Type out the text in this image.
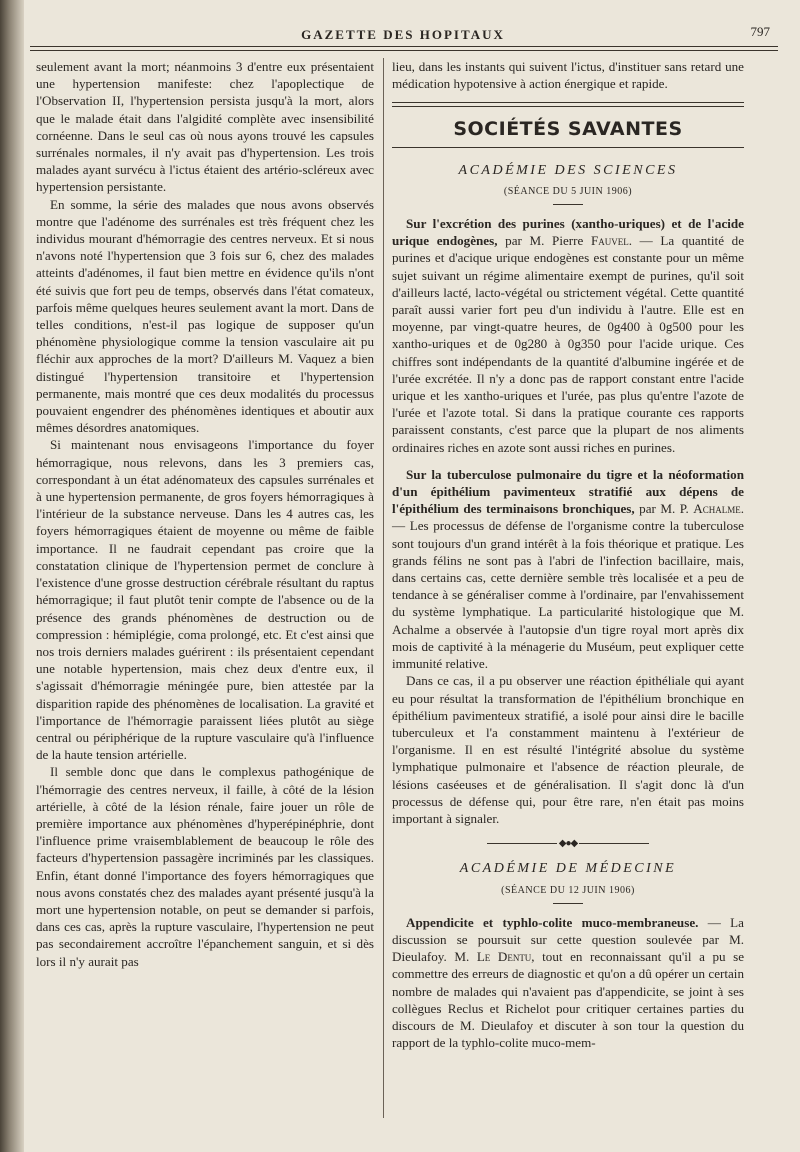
GAZETTE DES HOPITAUX	797

seulement avant la mort; néanmoins 3 d'entre eux présentaient une hypertension manifeste: chez l'apoplectique de l'Observation II, l'hypertension persista jusqu'à la mort, alors que le malade était dans l'algidité complète avec insensibilité cornéenne. Dans le seul cas où nous ayons trouvé les capsules surrénales normales, il n'y avait pas d'hypertension. Les trois malades ayant survécu à l'ictus étaient des artério-scléreux avec hypertension persistante.

En somme, la série des malades que nous avons observés montre que l'adénome des surrénales est très fréquent chez les individus mourant d'hémorragie des centres nerveux. Et si nous n'avons noté l'hypertension que 3 fois sur 6, chez des malades atteints d'adénomes, il faut bien mettre en évidence qu'ils n'ont été suivis que fort peu de temps, observés dans l'état comateux, parfois même quelques heures seulement avant la mort. Dans de telles conditions, n'est-il pas logique de supposer qu'un phénomène physiologique comme la tension vasculaire ait pu fléchir aux approches de la mort? D'ailleurs M. Vaquez a bien distingué l'hypertension transitoire et l'hypertension permanente, mais montré que ces deux modalités du processus pouvaient engendrer des phénomènes identiques et aboutir aux mêmes désordres anatomiques.

Si maintenant nous envisageons l'importance du foyer hémorragique, nous relevons, dans les 3 premiers cas, correspondant à un état adénomateux des capsules surrénales et à une hypertension permanente, de gros foyers hémorragiques à l'intérieur de la substance nerveuse. Dans les 4 autres cas, les foyers hémorragiques étaient de moyenne ou même de faible importance. Il ne faudrait cependant pas croire que la constatation clinique de l'hypertension permet de conclure à l'existence d'une grosse destruction cérébrale résultant du raptus hémorragique; il faut plutôt tenir compte de l'absence ou de la présence des grands phénomènes de destruction ou de compression : hémiplégie, coma prolongé, etc. Et c'est ainsi que nos trois derniers malades guérirent : ils présentaient cependant une notable hypertension, mais chez deux d'entre eux, il s'agissait d'hémorragie méningée pure, bien attestée par la disparition rapide des phénomènes de localisation. La gravité et l'importance de l'hémorragie paraissent liées plutôt au siège central ou périphérique de la rupture vasculaire qu'à l'influence de la haute tension artérielle.

Il semble donc que dans le complexus pathogénique de l'hémorragie des centres nerveux, il faille, à côté de la lésion artérielle, à côté de la lésion rénale, faire jouer un rôle de première importance aux phénomènes d'hyperépinéphrie, dont l'influence prime vraisemblablement de beaucoup le rôle des facteurs d'hypertension passagère incriminés par les classiques. Enfin, étant donné l'importance des foyers hémorragiques que nous avons constatés chez des malades ayant présenté jusqu'à la mort une hypertension notable, on peut se demander si parfois, dans ces cas, après la rupture vasculaire, l'hypertension ne peut pas secondairement accroître l'épanchement sanguin, et si dès lors il n'y aurait pas

lieu, dans les instants qui suivent l'ictus, d'instituer sans retard une médication hypotensive à action énergique et rapide.

SOCIÉTÉS SAVANTES
ACADÉMIE DES SCIENCES
(SÉANCE DU 5 JUIN 1906)

Sur l'excrétion des purines (xantho-uriques) et de l'acide urique endogènes, par M. Pierre Fauvel. — La quantité de purines et d'acique urique endogènes est constante pour un même sujet suivant un régime alimentaire exempt de purines, qu'il soit d'ailleurs lacté, lacto-végétal ou strictement végétal. Cette quantité paraît aussi varier fort peu d'un individu à l'autre. Elle est en moyenne, par vingt-quatre heures, de 0g400 à 0g500 pour les xantho-uriques et de 0g280 à 0g350 pour l'acide urique. Ces chiffres sont indépendants de la quantité d'albumine ingérée et de l'urée excrétée. Il n'y a donc pas de rapport constant entre l'acide urique et les xantho-uriques et l'urée, pas plus qu'entre l'azote de l'urée et l'azote total. Si dans la pratique courante ces rapports paraissent constants, c'est parce que la plupart de nos aliments ordinaires riches en azote sont aussi riches en purines.

Sur la tuberculose pulmonaire du tigre et la néoformation d'un épithélium pavimenteux stratifié aux dépens de l'épithélium des terminaisons bronchiques, par M. P. Achalme. — Les processus de défense de l'organisme contre la tuberculose sont toujours d'un grand intérêt à la fois théorique et pratique. Les grands félins ne sont pas à l'abri de l'infection bacillaire, mais, dans certains cas, cette dernière semble très localisée et a peu de tendance à se généraliser comme à l'ordinaire, par l'envahissement du système lymphatique. La particularité histologique que M. Achalme a observée à l'autopsie d'un tigre royal mort après dix mois de captivité à la ménagerie du Muséum, peut expliquer cette immunité relative.

Dans ce cas, il a pu observer une réaction épithéliale qui ayant eu pour résultat la transformation de l'épithélium bronchique en épithélium pavimenteux stratifié, a isolé pour ainsi dire le bacille tuberculeux et l'a constamment maintenu à l'extérieur de l'organisme. Il en est résulté l'intégrité absolue du système lymphatique pulmonaire et l'absence de réaction pleurale, de lésions caséeuses et de généralisation. Il s'agit donc là d'un processus de défense qui, pour être rare, n'en était pas moins important à signaler.

◆●◆
ACADÉMIE DE MÉDECINE
(SÉANCE DU 12 JUIN 1906)

Appendicite et typhlo-colite muco-membraneuse. — La discussion se poursuit sur cette question soulevée par M. Dieulafoy. M. Le Dentu, tout en reconnaissant qu'il a pu se commettre des erreurs de diagnostic et qu'on a dû opérer un certain nombre de malades qui n'avaient pas d'appendicite, se joint à ses collègues Reclus et Richelot pour critiquer certaines parties du discours de M. Dieulafoy et discuter à son tour la question du rapport de la typhlo-colite muco-mem-
